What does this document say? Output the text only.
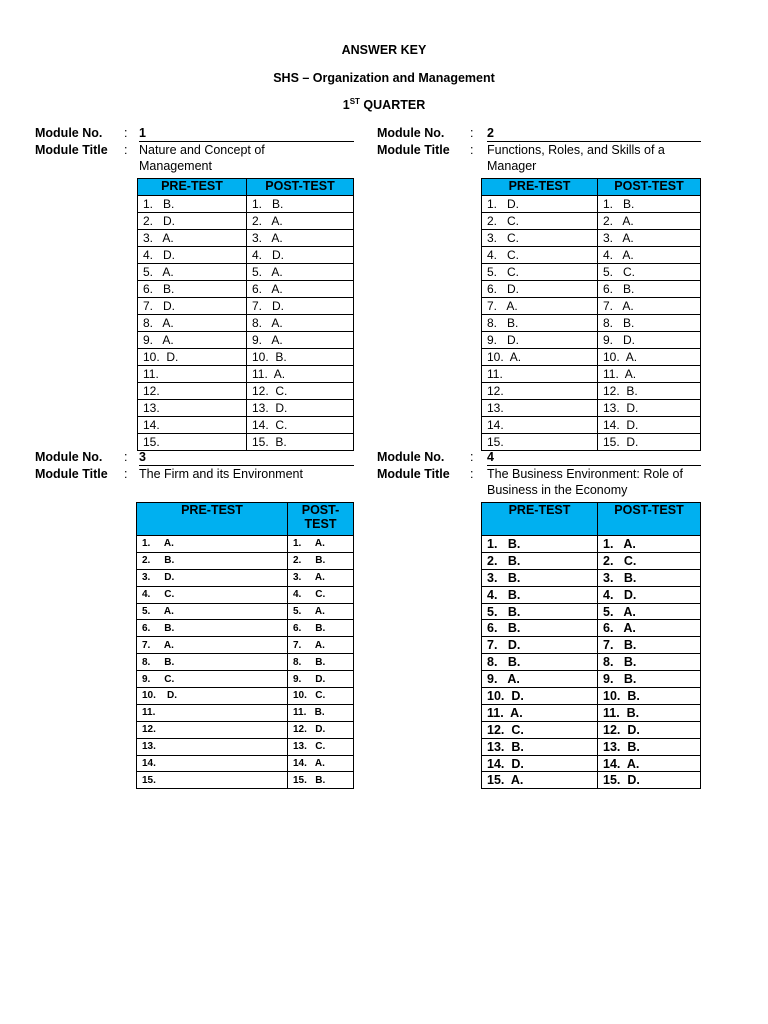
ANSWER KEY
SHS – Organization and Management
1ST QUARTER
Module No. : 1
Module Title : Nature and Concept of Management
PRE-TEST	POST-TEST
1.   B.	1.   B.
2.   D.	2.   A.
3.   A.	3.   A.
4.   D.	4.   D.
5.   A.	5.   A.
6.   B.	6.   A.
7.   D.	7.   D.
8.   A.	8.   A.
9.   A.	9.   A.
10.  D.	10.  B.
11.	11.  A.
12.	12.  C.
13.	13.  D.
14.	14.  C.
15.	15.  B.
Module No. : 2
Module Title : Functions, Roles, and Skills of a Manager
PRE-TEST	POST-TEST
1.   D.	1.   B.
2.   C.	2.   A.
3.   C.	3.   A.
4.   C.	4.   A.
5.   C.	5.   C.
6.   D.	6.   B.
7.   A.	7.   A.
8.   B.	8.   B.
9.   D.	9.   D.
10.  A.	10.  A.
11.	11.  A.
12.	12.  B.
13.	13.  D.
14.	14.  D.
15.	15.  D.
Module No. : 3
Module Title : The Firm and its Environment
PRE-TEST	POST-TEST
1.     A.	1.     A.
2.     B.	2.     B.
3.     D.	3.     A.
4.     C.	4.     C.
5.     A.	5.     A.
6.     B.	6.     B.
7.     A.	7.     A.
8.     B.	8.     B.
9.     C.	9.     D.
10.    D.	10.   C.
11.	11.   B.
12.	12.   D.
13.	13.   C.
14.	14.   A.
15.	15.   B.
Module No. : 4
Module Title : The Business Environment: Role of Business in the Economy
PRE-TEST	POST-TEST
1.   B.	1.   A.
2.   B.	2.   C.
3.   B.	3.   B.
4.   B.	4.   D.
5.   B.	5.   A.
6.   B.	6.   A.
7.   D.	7.   B.
8.   B.	8.   B.
9.   A.	9.   B.
10.  D.	10.  B.
11.  A.	11.  B.
12.  C.	12.  D.
13.  B.	13.  B.
14.  D.	14.  A.
15.  A.	15.  D.
